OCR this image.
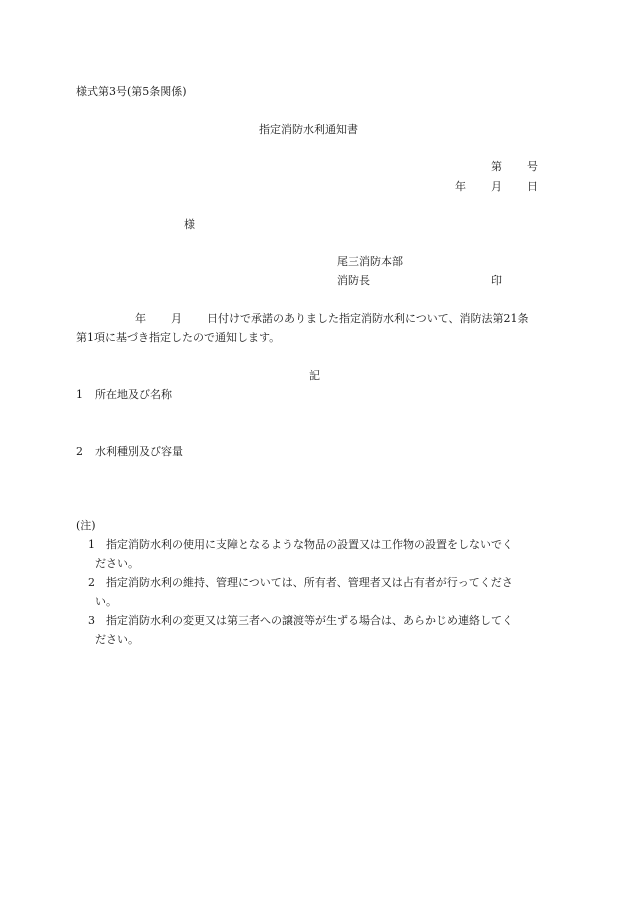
様式第3号(第5条関係)
指定消防水利通知書
第 号
年 月 日
様
尾三消防本部
消防長	印
年 月 日付けで承諾のありました指定消防水利について、消防法第21条
第1項に基づき指定したので通知します。
記
1 所在地及び名称
2 水利種別及び容量
(注)
1 指定消防水利の使用に支障となるような物品の設置又は工作物の設置をしないでく
ださい。
2 指定消防水利の維持、管理については、所有者、管理者又は占有者が行ってくださ
い。
3 指定消防水利の変更又は第三者への譲渡等が生ずる場合は、あらかじめ連絡してく
ださい。
